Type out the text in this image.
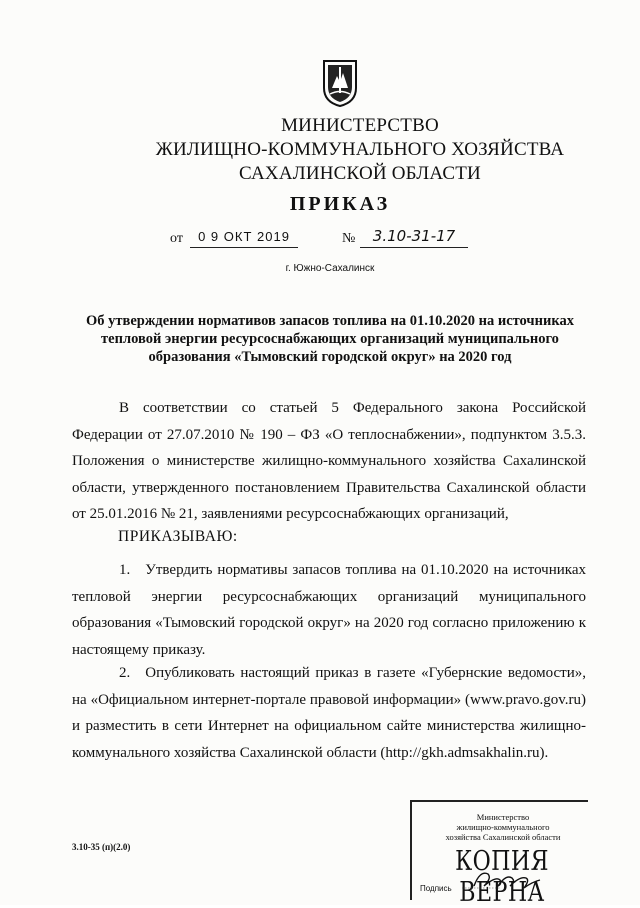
МИНИСТЕРСТВО
ЖИЛИЩНО-КОММУНАЛЬНОГО ХОЗЯЙСТВА
САХАЛИНСКОЙ ОБЛАСТИ
ПРИКАЗ
от	0 9 ОКТ 2019	№	3.10-31-17
г. Южно-Сахалинск
Об утверждении нормативов запасов топлива на 01.10.2020 на источниках тепловой энергии ресурсоснабжающих организаций муниципального образования «Тымовский городской округ» на 2020 год
В соответствии со статьей 5 Федерального закона Российской Федерации от 27.07.2010 № 190 – ФЗ «О теплоснабжении», подпунктом 3.5.3. Положения о министерстве жилищно-коммунального хозяйства Сахалинской области, утвержденного постановлением Правительства Сахалинской области от 25.01.2016 № 21, заявлениями ресурсоснабжающих организаций,
ПРИКАЗЫВАЮ:
1. Утвердить нормативы запасов топлива на 01.10.2020 на источниках тепловой энергии ресурсоснабжающих организаций муниципального образования «Тымовский городской округ» на 2020 год согласно приложению к настоящему приказу.
2. Опубликовать настоящий приказ в газете «Губернские ведомости», на «Официальном интернет-портале правовой информации» (www.pravo.gov.ru) и разместить в сети Интернет на официальном сайте министерства жилищно-коммунального хозяйства Сахалинской области (http://gkh.admsakhalin.ru).
3.10-35 (п)(2.0)
Министерство
жилищно-коммунального
хозяйства Сахалинской области
КОПИЯ ВЕРНА
Подпись
